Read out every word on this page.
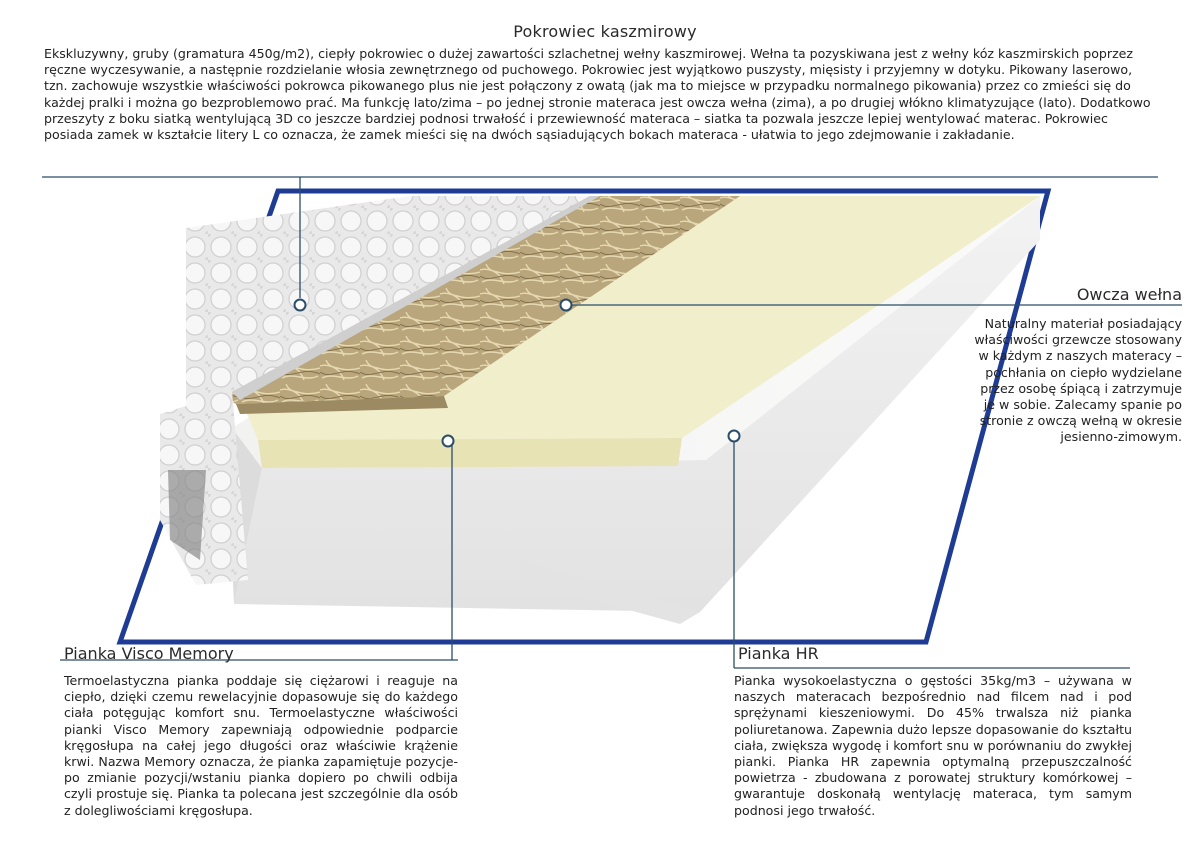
Pokrowiec kaszmirowy
Ekskluzywny, gruby (gramatura 450g/m2), ciepły pokrowiec o dużej zawartości szlachetnej wełny kaszmirowej. Wełna ta pozyskiwana jest z wełny kóz kaszmirskich poprzez ręczne wyczesywanie, a następnie rozdzielanie włosia zewnętrznego od puchowego. Pokrowiec jest wyjątkowo puszysty, mięsisty i przyjemny w dotyku. Pikowany laserowo, tzn. zachowuje wszystkie właściwości pokrowca pikowanego plus nie jest połączony z owatą (jak ma to miejsce w przypadku normalnego pikowania) przez co zmieści się do każdej pralki i można go bezproblemowo prać. Ma funkcję lato/zima – po jednej stronie materaca jest owcza wełna (zima), a po drugiej włókno klimatyzujące (lato). Dodatkowo przeszyty z boku siatką wentylującą 3D co jeszcze bardziej podnosi trwałość i przewiewność materaca – siatka ta pozwala jeszcze lepiej wentylować materac. Pokrowiec posiada zamek w kształcie litery L co oznacza, że zamek mieści się na dwóch sąsiadujących bokach materaca - ułatwia to jego zdejmowanie i zakładanie.
Owcza wełna
Naturalny materiał posiadający właściwości grzewcze stosowany w każdym z naszych materacy – pochłania on ciepło wydzielane przez osobę śpiącą i zatrzymuje je w sobie. Zalecamy spanie po stronie z owczą wełną w okresie jesienno-zimowym.
Pianka Visco Memory
Termoelastyczna pianka poddaje się ciężarowi i reaguje na ciepło, dzięki czemu rewelacyjnie dopasowuje się do każdego ciała potęgując komfort snu. Termoelastyczne właściwości pianki Visco Memory zapewniają odpowiednie podparcie kręgosłupa na całej jego długości oraz właściwie krążenie krwi. Nazwa Memory oznacza, że pianka zapamiętuje pozycje- po zmianie pozycji/wstaniu pianka dopiero po chwili odbija czyli prostuje się. Pianka ta polecana jest szczególnie dla osób z dolegliwościami kręgosłupa.
Pianka HR
Pianka wysokoelastyczna o gęstości 35kg/m3 – używana w naszych materacach bezpośrednio nad filcem nad i pod sprężynami kieszeniowymi. Do 45% trwalsza niż pianka poliuretanowa. Zapewnia dużo lepsze dopasowanie do kształtu ciała, zwiększa wygodę i komfort snu w porównaniu do zwykłej pianki. Pianka HR zapewnia optymalną przepuszczalność powietrza - zbudowana z porowatej struktury komórkowej – gwarantuje doskonałą wentylację materaca, tym samym podnosi jego trwałość.
